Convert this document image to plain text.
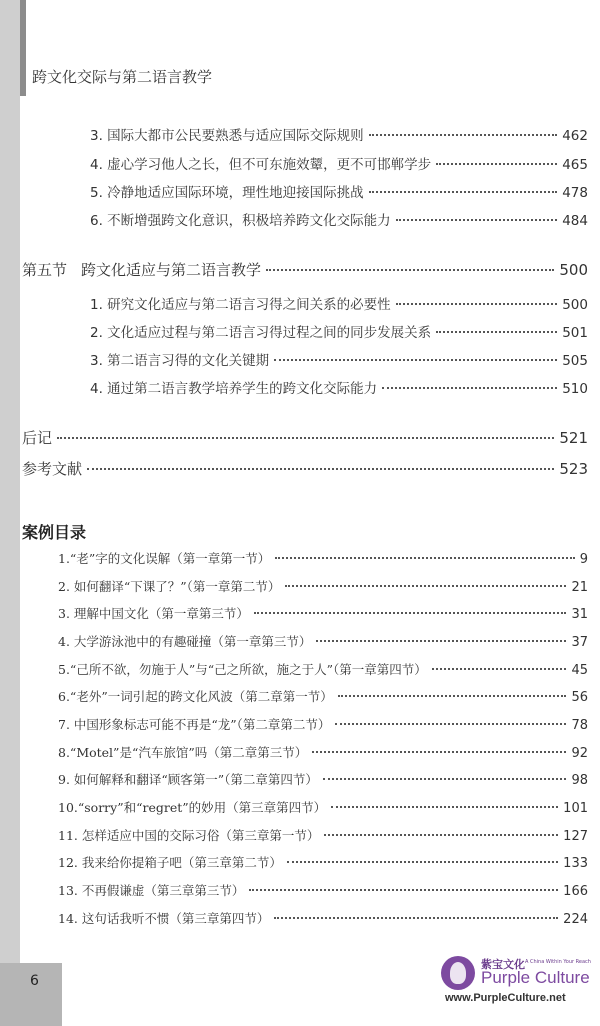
跨文化交际与第二语言教学
3. 国际大都市公民要熟悉与适应国际交际规则	462
4. 虚心学习他人之长，但不可东施效颦，更不可邯郸学步	465
5. 冷静地适应国际环境，理性地迎接国际挑战	478
6. 不断增强跨文化意识，积极培养跨文化交际能力	484
第五节 跨文化适应与第二语言教学	500
1. 研究文化适应与第二语言习得之间关系的必要性	500
2. 文化适应过程与第二语言习得过程之间的同步发展关系	501
3. 第二语言习得的文化关键期	505
4. 通过第二语言教学培养学生的跨文化交际能力	510
后记	521
参考文献	523
案例目录
1.“老”字的文化误解（第一章第一节）	9
2. 如何翻译“下课了？”（第一章第二节）	21
3. 理解中国文化（第一章第三节）	31
4. 大学游泳池中的有趣碰撞（第一章第三节）	37
5.“己所不欲，勿施于人”与“己之所欲，施之于人”（第一章第四节）	45
6.“老外”一词引起的跨文化风波（第二章第一节）	56
7. 中国形象标志可能不再是“龙”（第二章第二节）	78
8.“Motel”是“汽车旅馆”吗（第二章第三节）	92
9. 如何解释和翻译“顾客第一”（第二章第四节）	98
10.“sorry”和“regret”的妙用（第三章第四节）	101
11. 怎样适应中国的交际习俗（第三章第一节）	127
12. 我来给你提箱子吧（第三章第二节）	133
13. 不再假谦虚（第三章第三节）	166
14. 这句话我听不惯（第三章第四节）	224
6
紫宝文化 A China Within Your Reach
Purple Culture
www.PurpleCulture.net
